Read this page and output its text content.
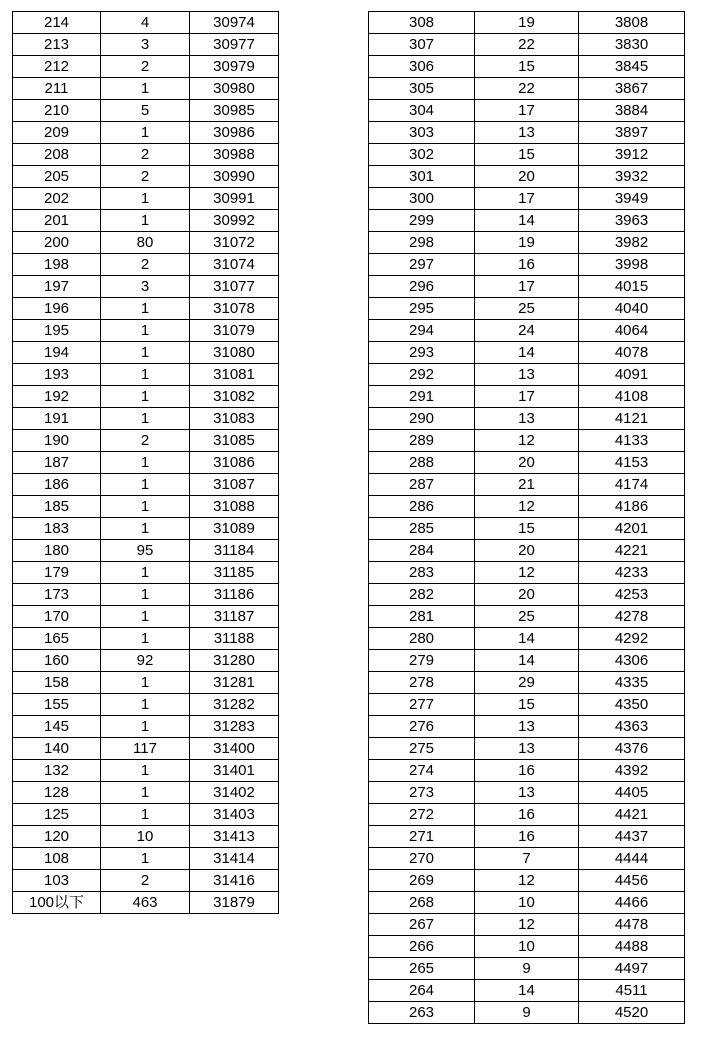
214	4	30974
213	3	30977
212	2	30979
211	1	30980
210	5	30985
209	1	30986
208	2	30988
205	2	30990
202	1	30991
201	1	30992
200	80	31072
198	2	31074
197	3	31077
196	1	31078
195	1	31079
194	1	31080
193	1	31081
192	1	31082
191	1	31083
190	2	31085
187	1	31086
186	1	31087
185	1	31088
183	1	31089
180	95	31184
179	1	31185
173	1	31186
170	1	31187
165	1	31188
160	92	31280
158	1	31281
155	1	31282
145	1	31283
140	117	31400
132	1	31401
128	1	31402
125	1	31403
120	10	31413
108	1	31414
103	2	31416
100以下	463	31879
308	19	3808
307	22	3830
306	15	3845
305	22	3867
304	17	3884
303	13	3897
302	15	3912
301	20	3932
300	17	3949
299	14	3963
298	19	3982
297	16	3998
296	17	4015
295	25	4040
294	24	4064
293	14	4078
292	13	4091
291	17	4108
290	13	4121
289	12	4133
288	20	4153
287	21	4174
286	12	4186
285	15	4201
284	20	4221
283	12	4233
282	20	4253
281	25	4278
280	14	4292
279	14	4306
278	29	4335
277	15	4350
276	13	4363
275	13	4376
274	16	4392
273	13	4405
272	16	4421
271	16	4437
270	7	4444
269	12	4456
268	10	4466
267	12	4478
266	10	4488
265	9	4497
264	14	4511
263	9	4520
